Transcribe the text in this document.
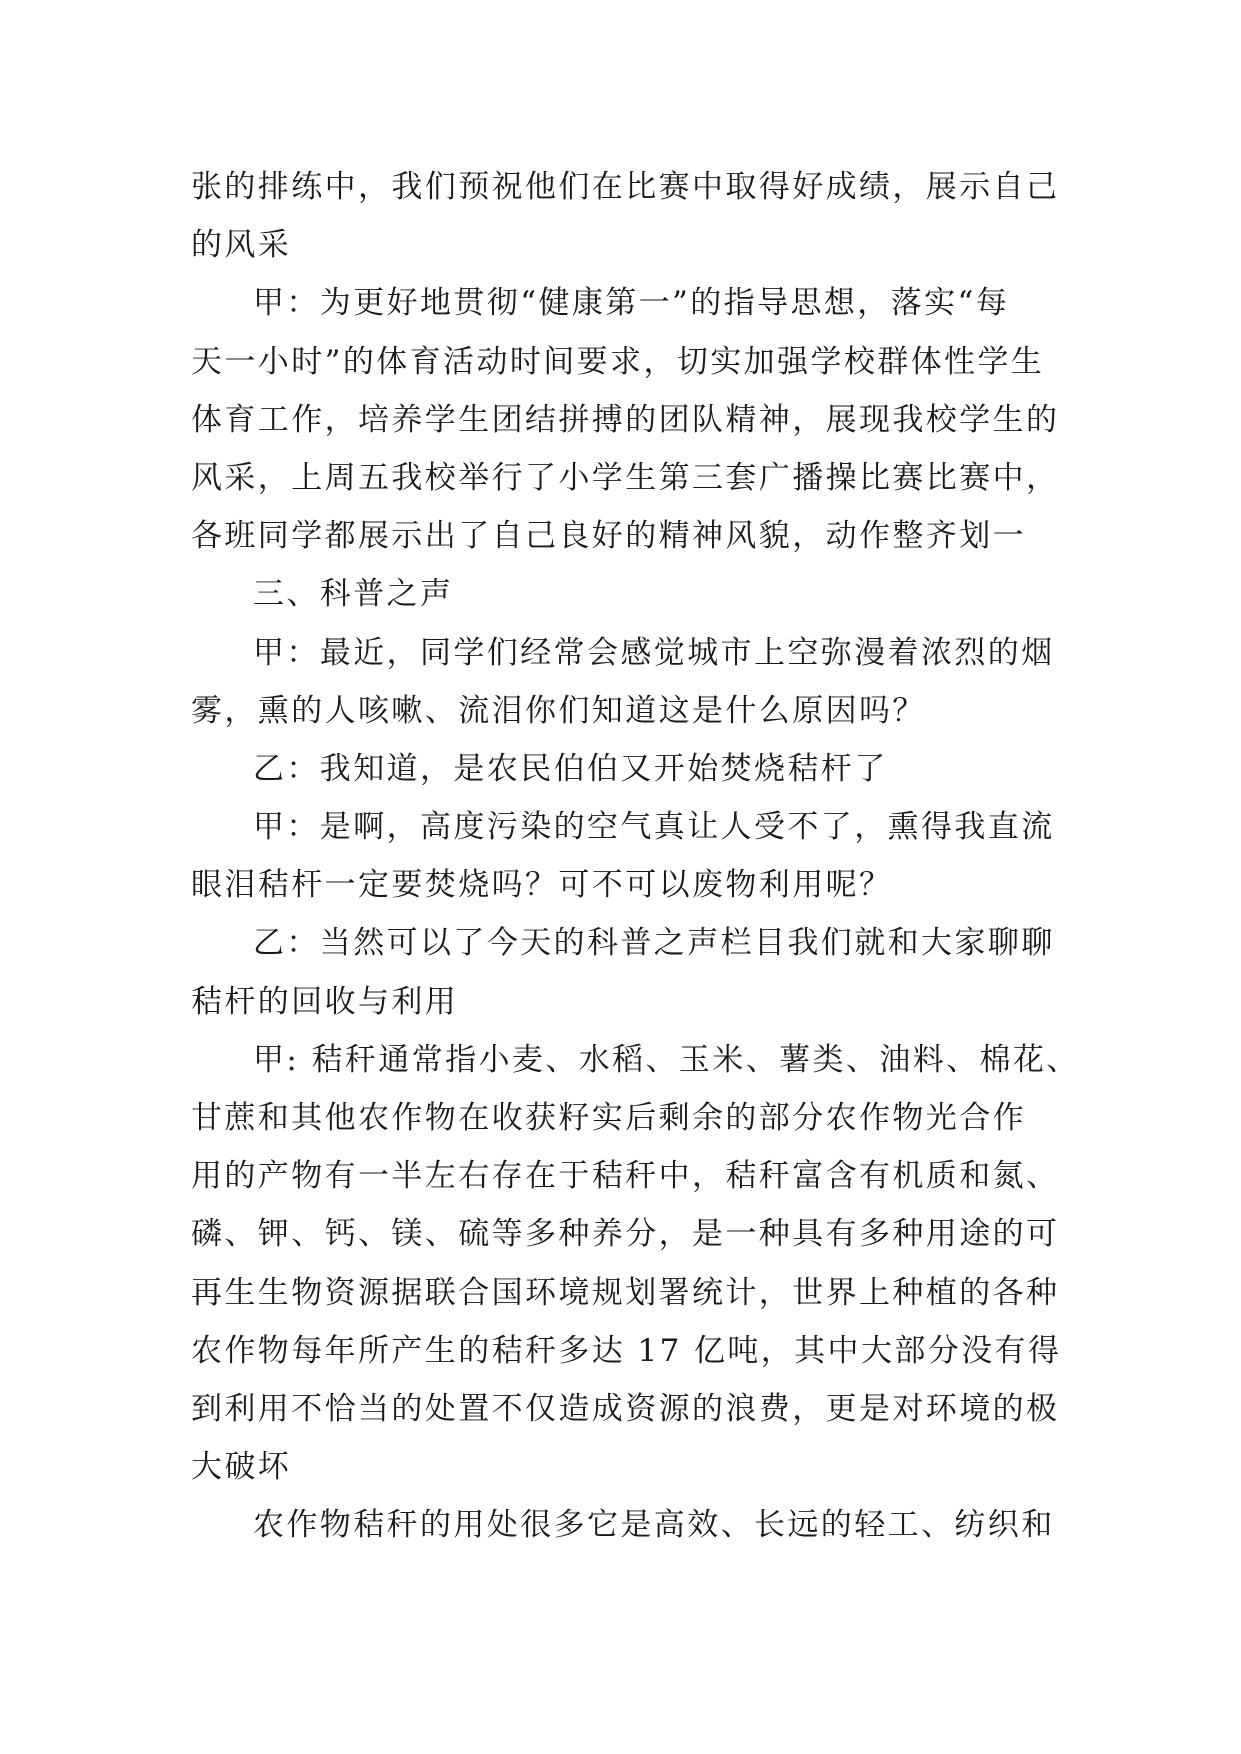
张的排练中，我们预祝他们在比赛中取得好成绩，展示自己
的风采
甲：为更好地贯彻“健康第一”的指导思想，落实“每
天一小时”的体育活动时间要求，切实加强学校群体性学生
体育工作，培养学生团结拼搏的团队精神，展现我校学生的
风采，上周五我校举行了小学生第三套广播操比赛比赛中，
各班同学都展示出了自己良好的精神风貌，动作整齐划一
三、科普之声
甲：最近，同学们经常会感觉城市上空弥漫着浓烈的烟
雾，熏的人咳嗽、流泪你们知道这是什么原因吗？
乙：我知道，是农民伯伯又开始焚烧秸杆了
甲：是啊，高度污染的空气真让人受不了，熏得我直流
眼泪秸杆一定要焚烧吗？可不可以废物利用呢？
乙：当然可以了今天的科普之声栏目我们就和大家聊聊
秸杆的回收与利用
甲: 秸秆通常指小麦、水稻、玉米、薯类、油料、棉花、
甘蔗和其他农作物在收获籽实后剩余的部分农作物光合作
用的产物有一半左右存在于秸秆中，秸秆富含有机质和氮、
磷、钾、钙、镁、硫等多种养分，是一种具有多种用途的可
再生生物资源据联合国环境规划署统计，世界上种植的各种
农作物每年所产生的秸秆多达 17 亿吨，其中大部分没有得
到利用不恰当的处置不仅造成资源的浪费，更是对环境的极
大破坏
农作物秸秆的用处很多它是高效、长远的轻工、纺织和
